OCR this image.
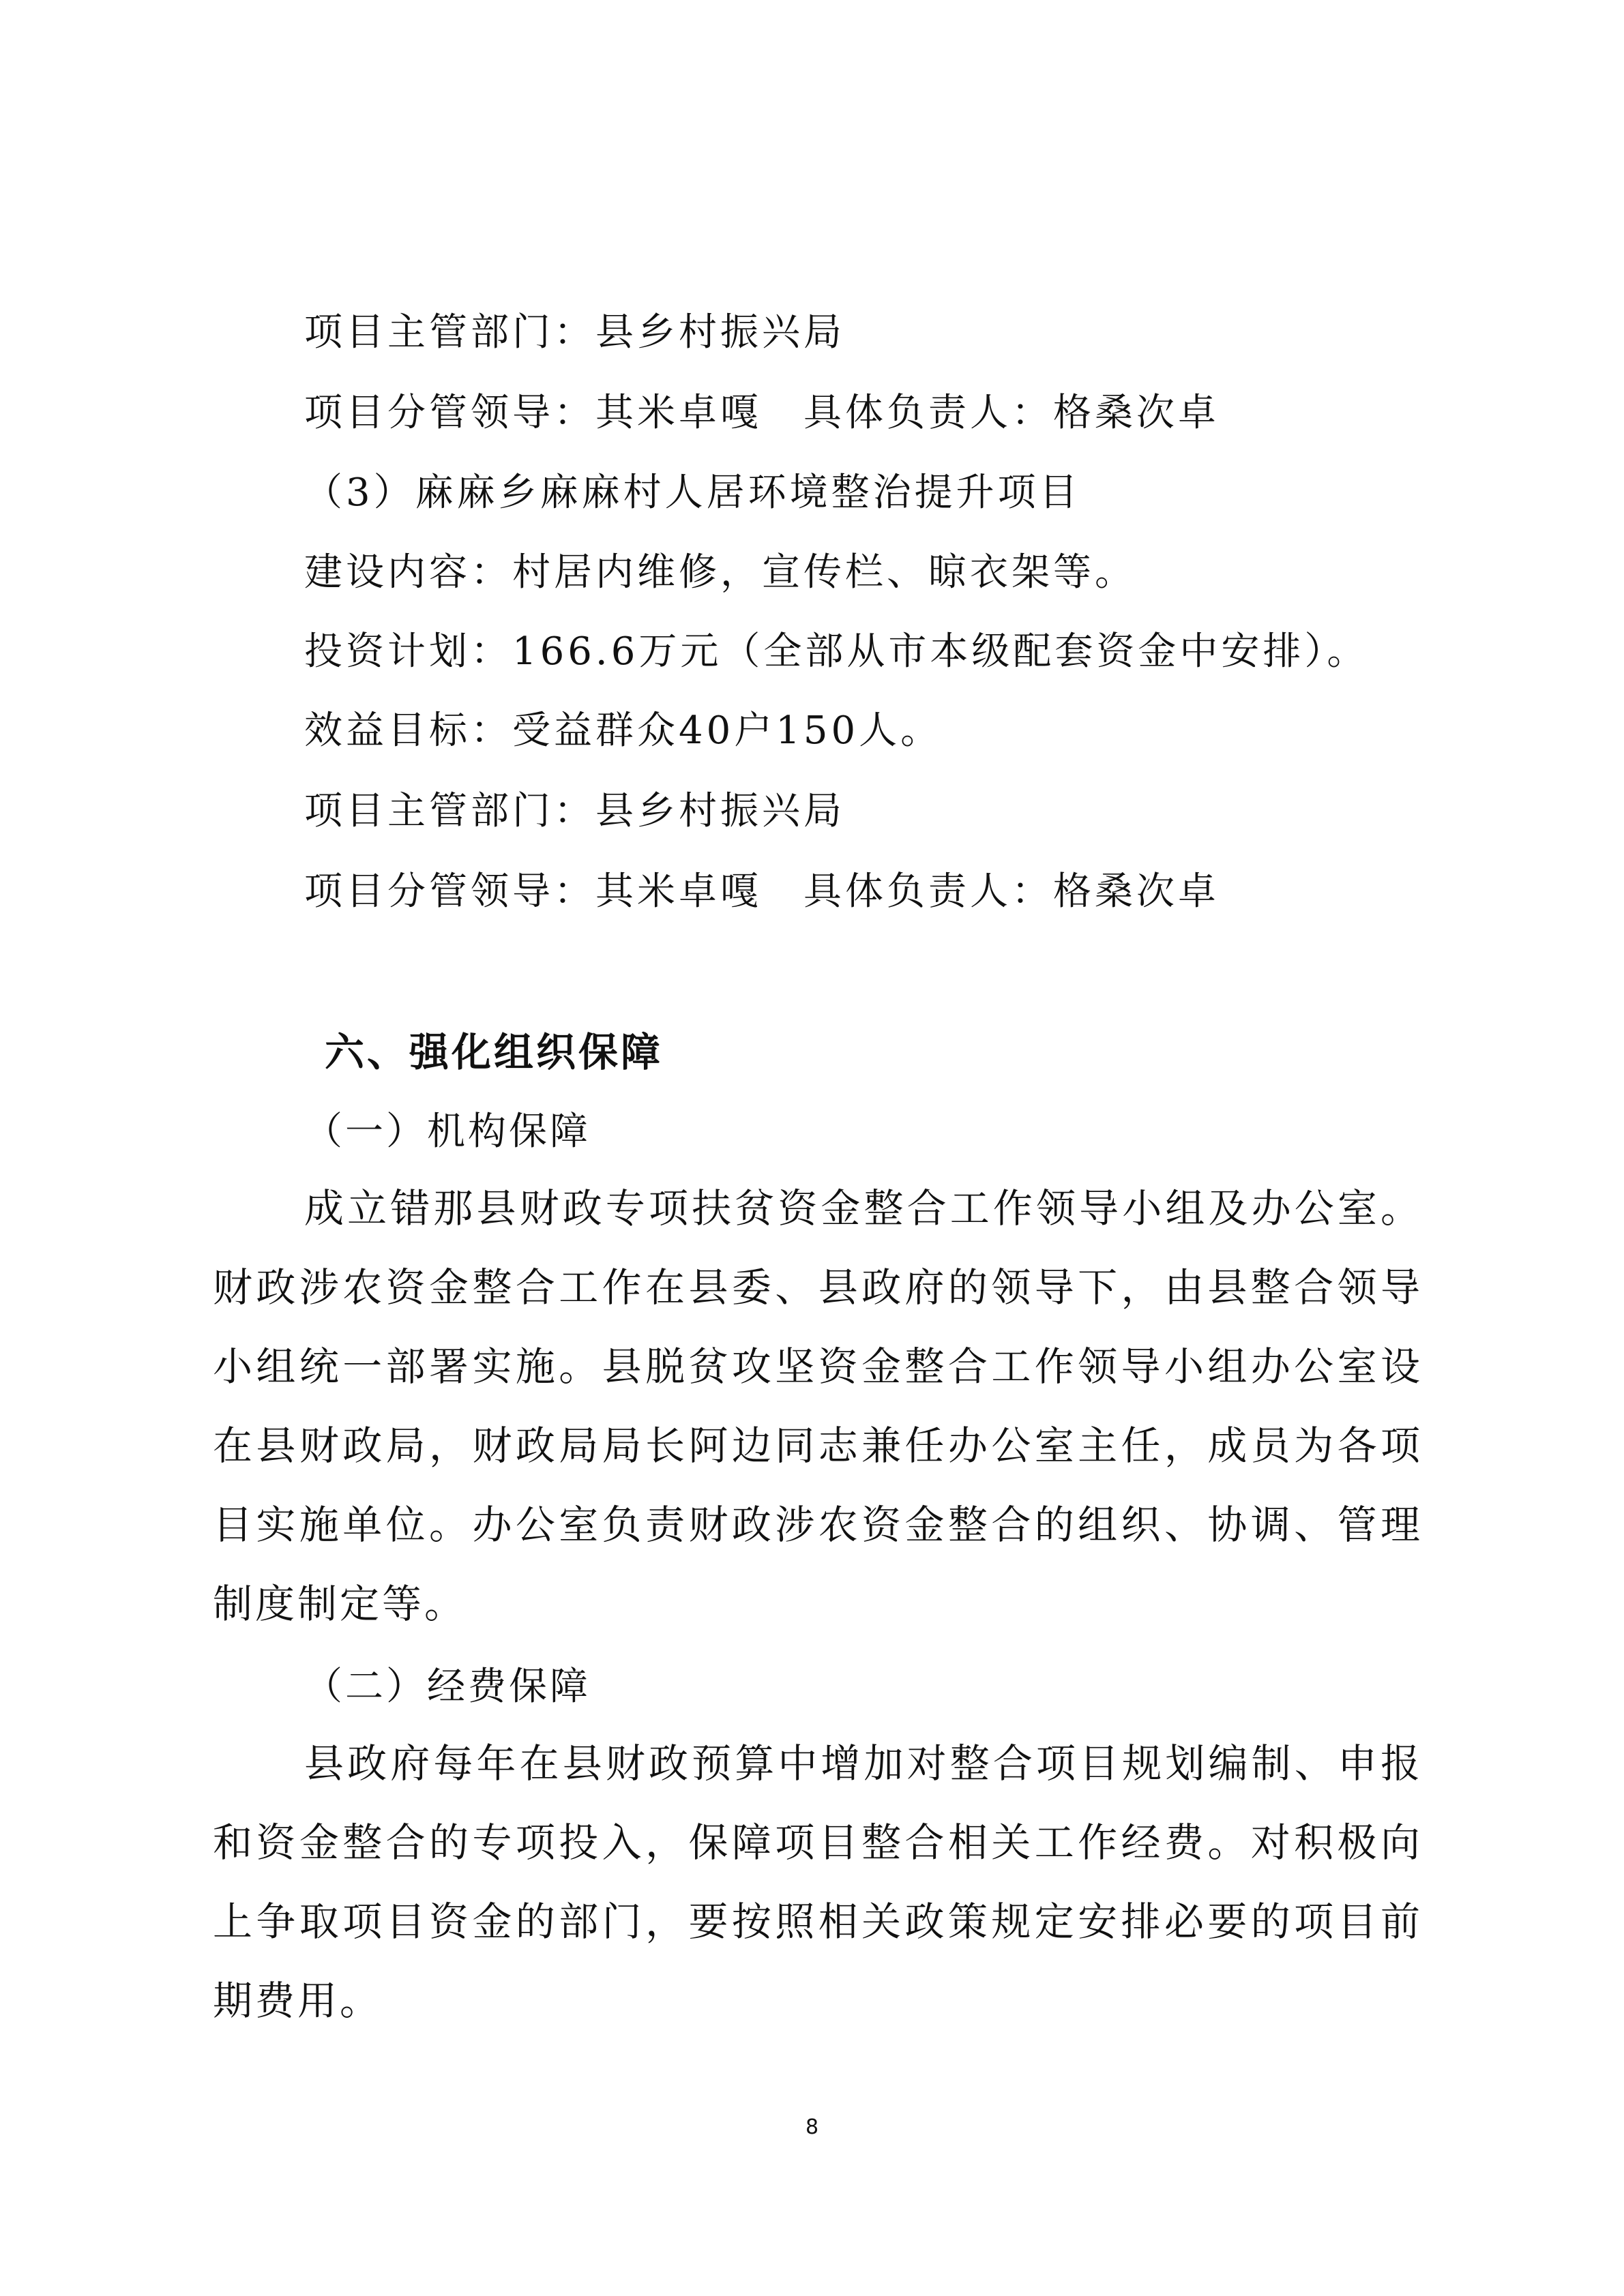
项目主管部门：县乡村振兴局
项目分管领导：其米卓嘎　具体负责人：格桑次卓
（3）麻麻乡麻麻村人居环境整治提升项目
建设内容：村居内维修，宣传栏、晾衣架等。
投资计划：166.6万元（全部从市本级配套资金中安排）。
效益目标：受益群众40户150人。
项目主管部门：县乡村振兴局
项目分管领导：其米卓嘎　具体负责人：格桑次卓
六、强化组织保障
（一）机构保障
成立错那县财政专项扶贫资金整合工作领导小组及办公室。财政涉农资金整合工作在县委、县政府的领导下，由县整合领导小组统一部署实施。县脱贫攻坚资金整合工作领导小组办公室设在县财政局，财政局局长阿边同志兼任办公室主任，成员为各项目实施单位。办公室负责财政涉农资金整合的组织、协调、管理制度制定等。
（二）经费保障
县政府每年在县财政预算中增加对整合项目规划编制、申报和资金整合的专项投入，保障项目整合相关工作经费。对积极向上争取项目资金的部门，要按照相关政策规定安排必要的项目前期费用。
8
